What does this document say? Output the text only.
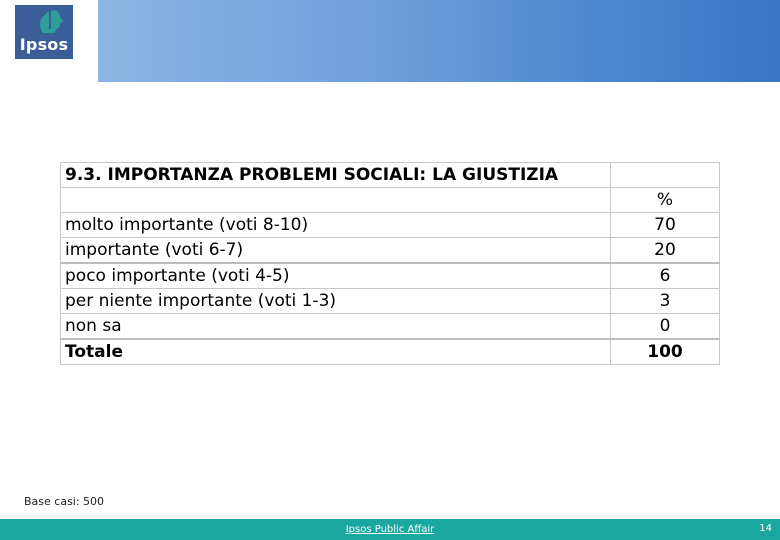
Ipsos
9.3. IMPORTANZA PROBLEMI SOCIALI: LA GIUSTIZIA	
	%
molto importante (voti 8-10)	70
importante (voti 6-7)	20
poco importante (voti 4-5)	6
per niente importante (voti 1-3)	3
non sa	0
Totale	100
Base casi: 500
Ipsos Public Affair	14
